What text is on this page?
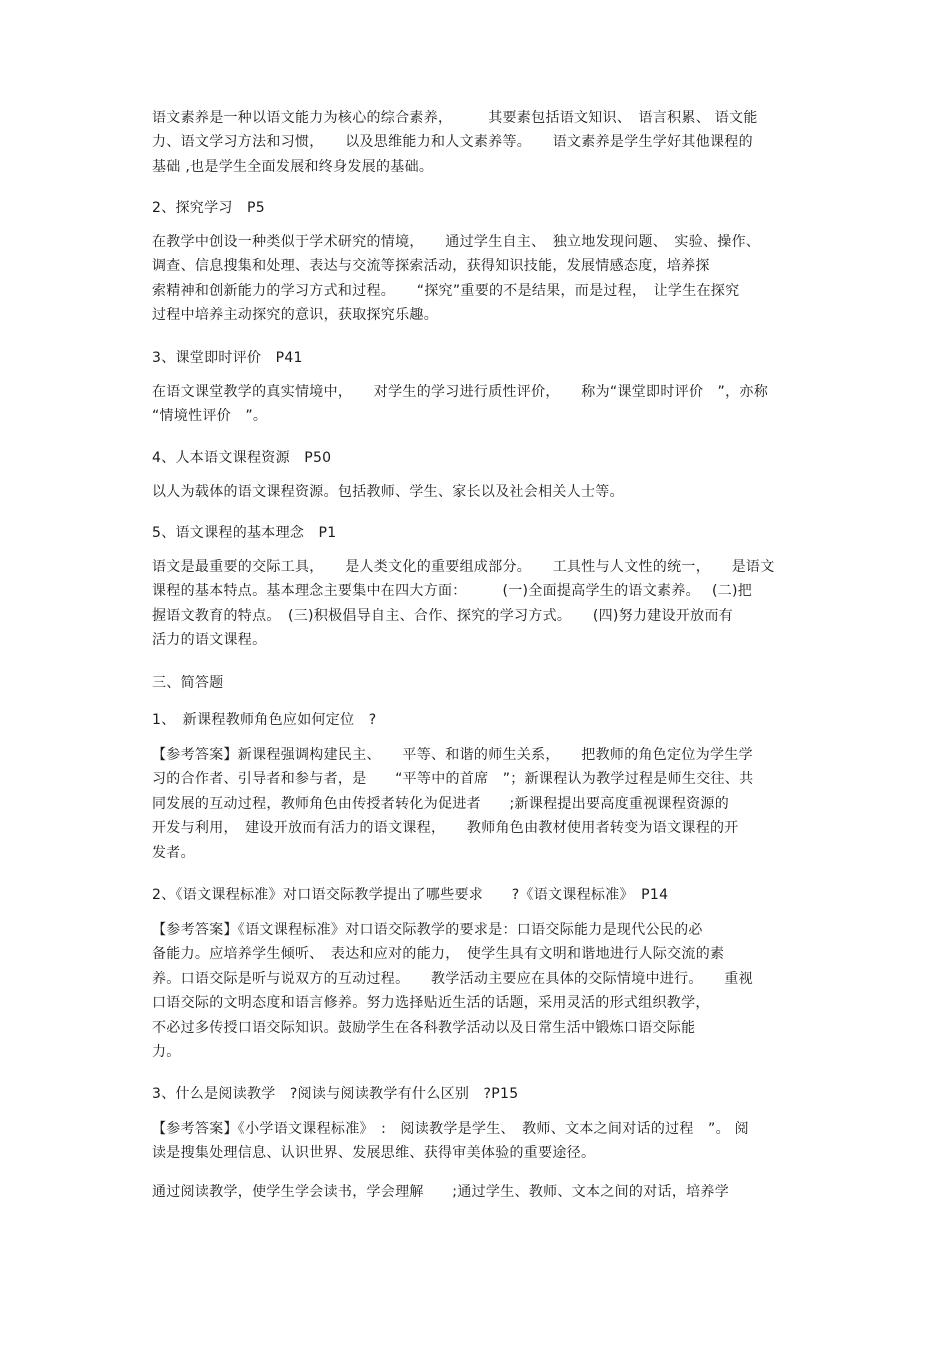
语文素养是一种以语文能力为核心的综合素养，　　　其要素包括语文知识、　语言积累、 语文能
力、语文学习方法和习惯，　　以及思维能力和人文素养等。　　语文素养是学生学好其他课程的
基础 ,也是学生全面发展和终身发展的基础。
2、探究学习　P5
在教学中创设一种类似于学术研究的情境，　　通过学生自主、　独立地发现问题、　实验、操作、
调查、信息搜集和处理、表达与交流等探索活动，获得知识技能，发展情感态度，培养探
索精神和创新能力的学习方式和过程。　　“探究”重要的不是结果，而是过程，　让学生在探究
过程中培养主动探究的意识，获取探究乐趣。
3、课堂即时评价　P41
在语文课堂教学的真实情境中，　　对学生的学习进行质性评价，　　称为“课堂即时评价　”，亦称
“情境性评价　”。
4、人本语文课程资源　P50
以人为载体的语文课程资源。包括教师、学生、家长以及社会相关人士等。
5、语文课程的基本理念　P1
语文是最重要的交际工具，　　是人类文化的重要组成部分。　　工具性与人文性的统一，　　是语文
课程的基本特点。基本理念主要集中在四大方面：　　　(一)全面提高学生的语文素养。　 (二)把
握语文教育的特点。　(三)积极倡导自主、合作、探究的学习方式。　　(四)努力建设开放而有
活力的语文课程。
三、简答题
1、　新课程教师角色应如何定位　?
【参考答案】新课程强调构建民主、　　平等、和谐的师生关系，　　把教师的角色定位为学生学
习的合作者、引导者和参与者，是　　“平等中的首席　”；新课程认为教学过程是师生交往、共
同发展的互动过程，教师角色由传授者转化为促进者　　;新课程提出要高度重视课程资源的
开发与利用，　建设开放而有活力的语文课程，　　教师角色由教材使用者转变为语文课程的开
发者。
2、《语文课程标准》对口语交际教学提出了哪些要求　　?《语文课程标准》　P14
【参考答案】《语文课程标准》对口语交际教学的要求是：口语交际能力是现代公民的必
备能力。应培养学生倾听、　表达和应对的能力，　使学生具有文明和谐地进行人际交流的素
养。口语交际是听与说双方的互动过程。　　教学活动主要应在具体的交际情境中进行。　　重视
口语交际的文明态度和语言修养。努力选择贴近生活的话题，采用灵活的形式组织教学，
不必过多传授口语交际知识。鼓励学生在各科教学活动以及日常生活中锻炼口语交际能
力。
3、什么是阅读教学　?阅读与阅读教学有什么区别　?P15
【参考答案】《小学语文课程标准》　:　阅读教学是学生、　教师、文本之间对话的过程　”。 阅
读是搜集处理信息、认识世界、发展思维、获得审美体验的重要途径。
通过阅读教学，使学生学会读书，学会理解　　;通过学生、教师、文本之间的对话，培养学
